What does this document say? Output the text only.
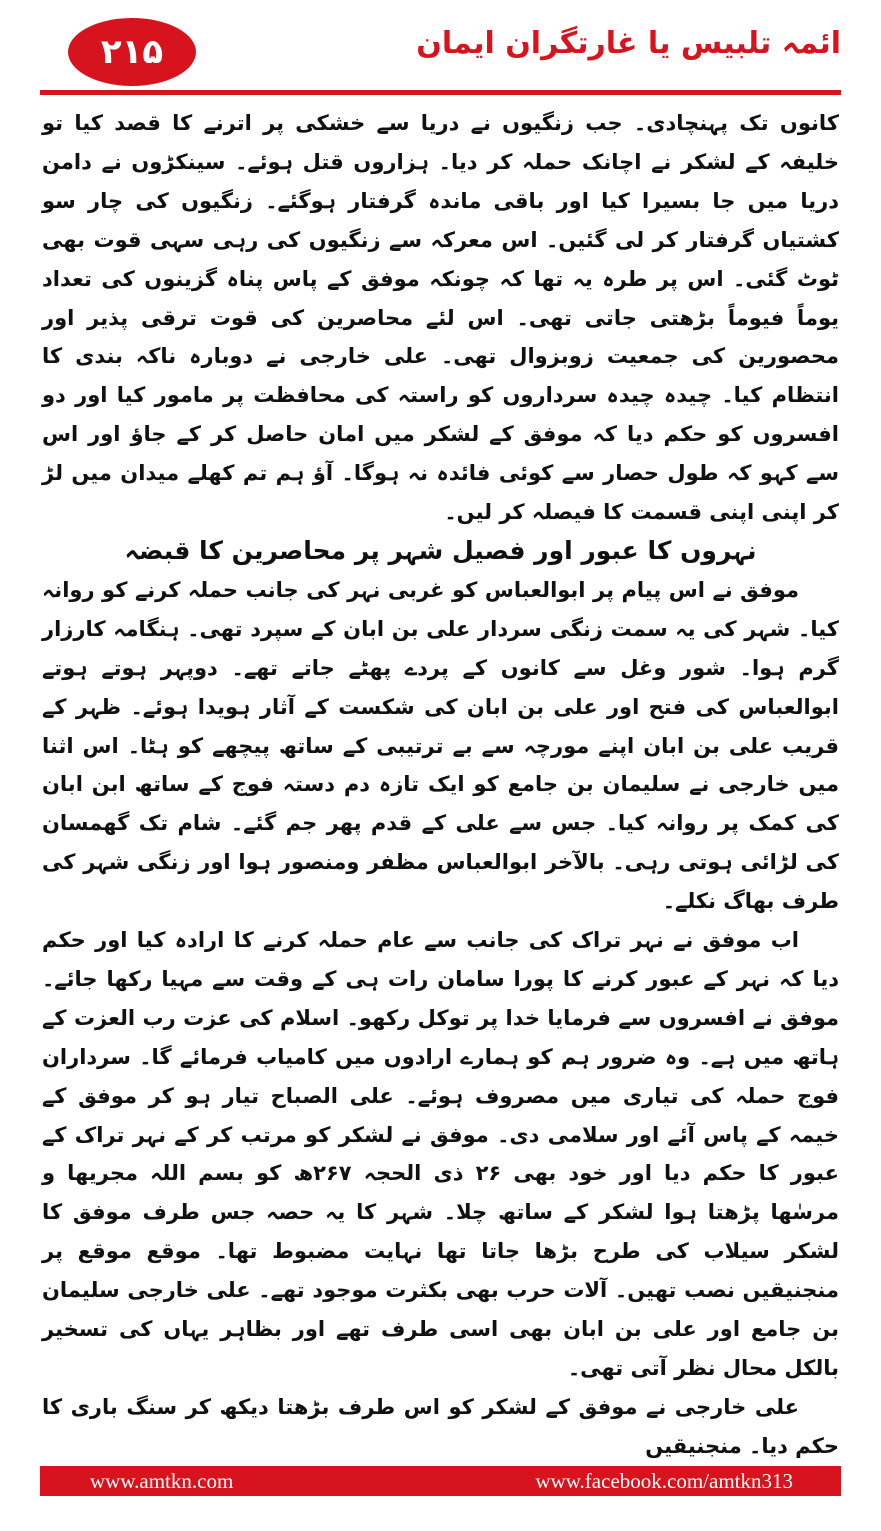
۲۱۵	ائمہ تلبیس یا غارتگران ایمان

کانوں تک پہنچادی۔ جب زنگیوں نے دریا سے خشکی پر اترنے کا قصد کیا تو خلیفہ کے لشکر نے اچانک حملہ کر دیا۔ ہزاروں قتل ہوئے۔ سینکڑوں نے دامن دریا میں جا بسیرا کیا اور باقی ماندہ گرفتار ہوگئے۔ زنگیوں کی چار سو کشتیاں گرفتار کر لی گئیں۔ اس معرکہ سے زنگیوں کی رہی سہی قوت بھی ٹوٹ گئی۔ اس پر طرہ یہ تھا کہ چونکہ موفق کے پاس پناہ گزینوں کی تعداد یوماً فیوماً بڑھتی جاتی تھی۔ اس لئے محاصرین کی قوت ترقی پذیر اور محصورین کی جمعیت زوبزوال تھی۔ علی خارجی نے دوبارہ ناکہ بندی کا انتظام کیا۔ چیدہ چیدہ سرداروں کو راستہ کی محافظت پر مامور کیا اور دو افسروں کو حکم دیا کہ موفق کے لشکر میں امان حاصل کر کے جاؤ اور اس سے کہو کہ طول حصار سے کوئی فائدہ نہ ہوگا۔ آؤ ہم تم کھلے میدان میں لڑ کر اپنی اپنی قسمت کا فیصلہ کر لیں۔

نہروں کا عبور اور فصیل شہر پر محاصرین کا قبضہ

موفق نے اس پیام پر ابوالعباس کو غربی نہر کی جانب حملہ کرنے کو روانہ کیا۔ شہر کی یہ سمت زنگی سردار علی بن ابان کے سپرد تھی۔ ہنگامہ کارزار گرم ہوا۔ شور وغل سے کانوں کے پردے پھٹے جاتے تھے۔ دوپہر ہوتے ہوتے ابوالعباس کی فتح اور علی بن ابان کی شکست کے آثار ہویدا ہوئے۔ ظہر کے قریب علی بن ابان اپنے مورچہ سے بے ترتیبی کے ساتھ پیچھے کو ہٹا۔ اس اثنا میں خارجی نے سلیمان بن جامع کو ایک تازہ دم دستہ فوج کے ساتھ ابن ابان کی کمک پر روانہ کیا۔ جس سے علی کے قدم پھر جم گئے۔ شام تک گھمسان کی لڑائی ہوتی رہی۔ بالآخر ابوالعباس مظفر ومنصور ہوا اور زنگی شہر کی طرف بھاگ نکلے۔

اب موفق نے نہر تراک کی جانب سے عام حملہ کرنے کا ارادہ کیا اور حکم دیا کہ نہر کے عبور کرنے کا پورا سامان رات ہی کے وقت سے مہیا رکھا جائے۔ موفق نے افسروں سے فرمایا خدا پر توکل رکھو۔ اسلام کی عزت رب العزت کے ہاتھ میں ہے۔ وہ ضرور ہم کو ہمارے ارادوں میں کامیاب فرمائے گا۔ سرداران فوج حملہ کی تیاری میں مصروف ہوئے۔ علی الصباح تیار ہو کر موفق کے خیمہ کے پاس آئے اور سلامی دی۔ موفق نے لشکر کو مرتب کر کے نہر تراک کے عبور کا حکم دیا اور خود بھی ۲۶ ذی الحجہ ۲۶۷ھ کو بسم اللہ مجریھا و مرسٰھا پڑھتا ہوا لشکر کے ساتھ چلا۔ شہر کا یہ حصہ جس طرف موفق کا لشکر سیلاب کی طرح بڑھا جاتا تھا نہایت مضبوط تھا۔ موقع موقع پر منجنیقیں نصب تھیں۔ آلات حرب بھی بکثرت موجود تھے۔ علی خارجی سلیمان بن جامع اور علی بن ابان بھی اسی طرف تھے اور بظاہر یہاں کی تسخیر بالکل محال نظر آتی تھی۔

علی خارجی نے موفق کے لشکر کو اس طرف بڑھتا دیکھ کر سنگ باری کا حکم دیا۔ منجنیقیں

www.amtkn.com	www.facebook.com/amtkn313
